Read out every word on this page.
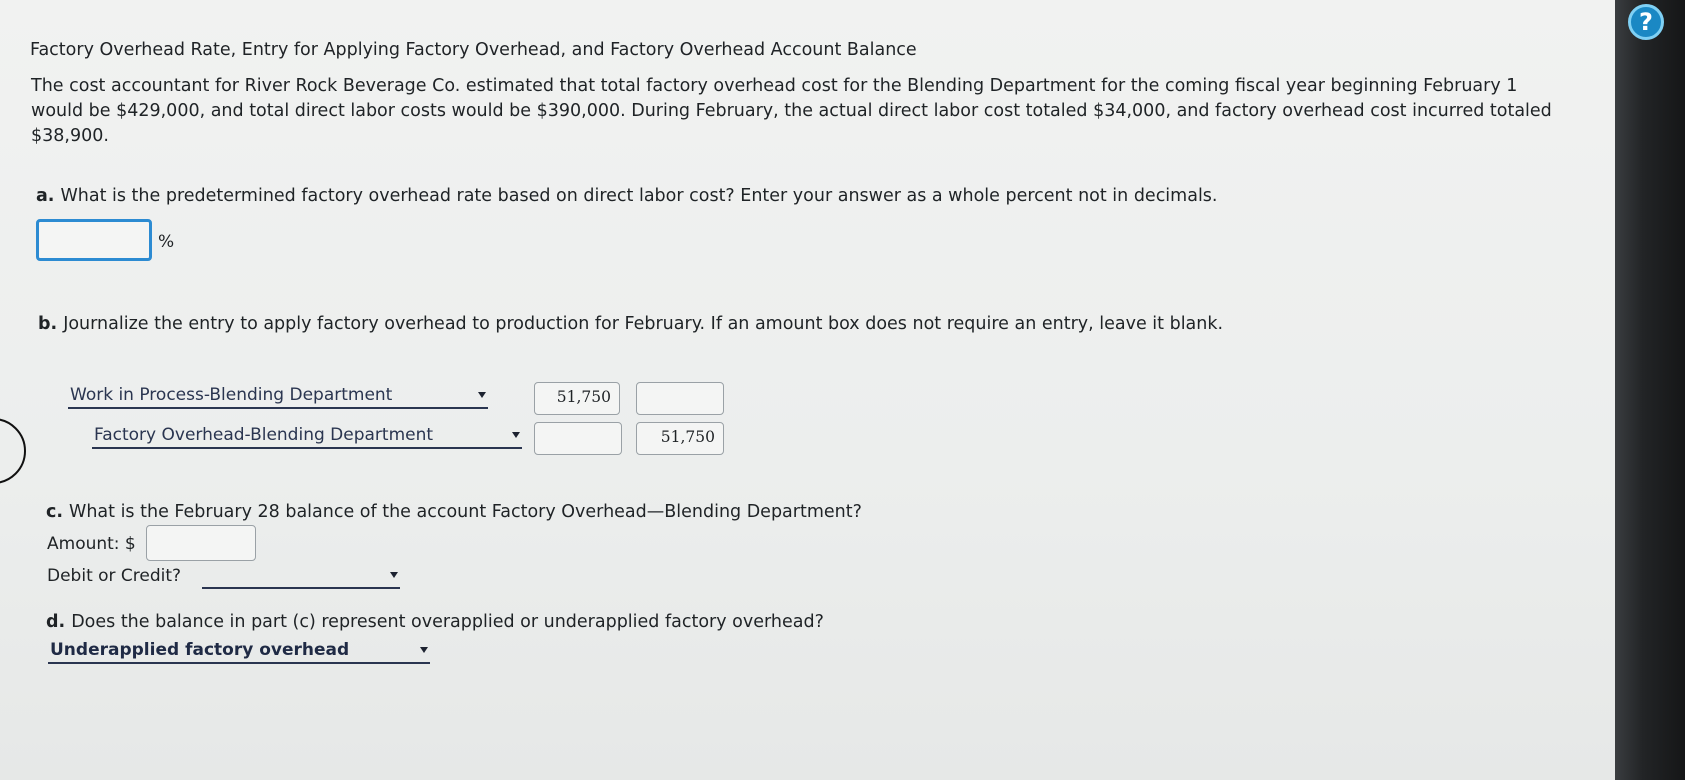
Factory Overhead Rate, Entry for Applying Factory Overhead, and Factory Overhead Account Balance

The cost accountant for River Rock Beverage Co. estimated that total factory overhead cost for the Blending Department for the coming fiscal year beginning February 1 would be $429,000, and total direct labor costs would be $390,000. During February, the actual direct labor cost totaled $34,000, and factory overhead cost incurred totaled $38,900.

a. What is the predetermined factory overhead rate based on direct labor cost? Enter your answer as a whole percent not in decimals.
%
b. Journalize the entry to apply factory overhead to production for February. If an amount box does not require an entry, leave it blank.
Work in Process-Blending Department	51,750
Factory Overhead-Blending Department	51,750
c. What is the February 28 balance of the account Factory Overhead—Blending Department?
Amount: $
Debit or Credit?
d. Does the balance in part (c) represent overapplied or underapplied factory overhead?
Underapplied factory overhead
?
